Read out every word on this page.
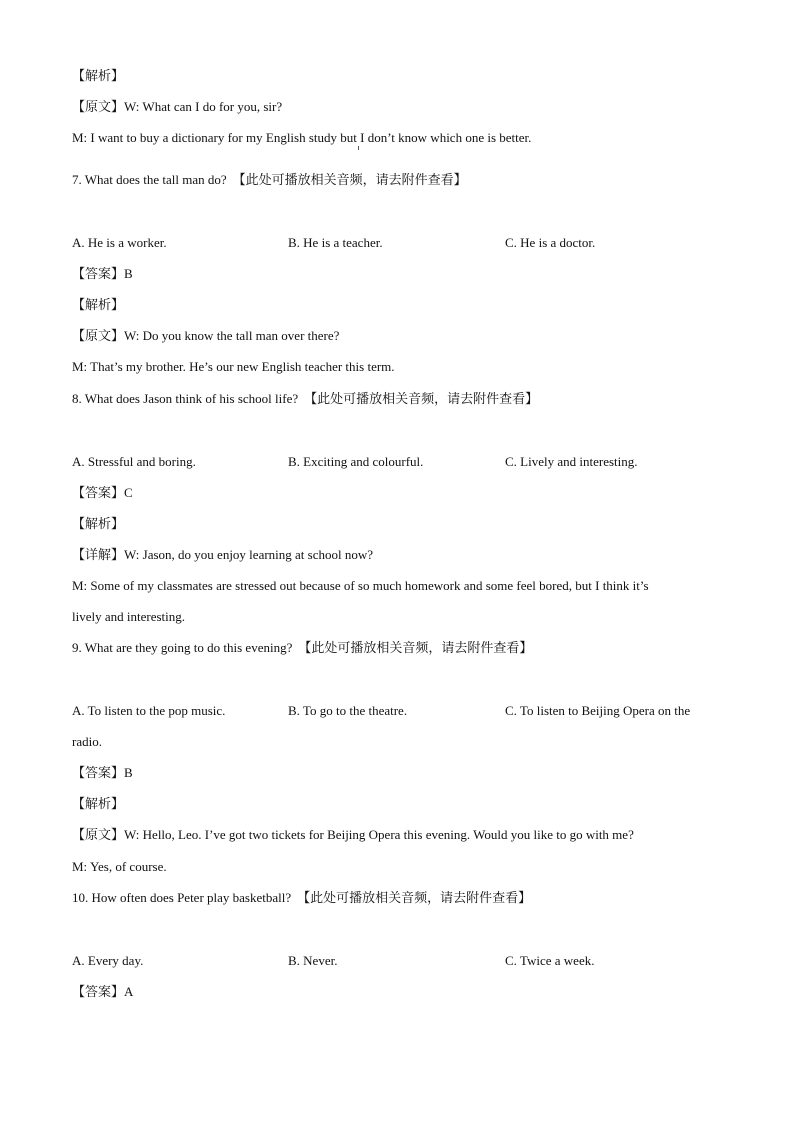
【解析】
【原文】W: What can I do for you, sir?
M: I want to buy a dictionary for my English study but I don’t know which one is better.
7. What does the tall man do? 【此处可播放相关音频，请去附件查看】
A. He is a worker.	B. He is a teacher.	C. He is a doctor.
【答案】B
【解析】
【原文】W: Do you know the tall man over there?
M: That’s my brother. He’s our new English teacher this term.
8. What does Jason think of his school life? 【此处可播放相关音频，请去附件查看】
A. Stressful and boring.	B. Exciting and colourful.	C. Lively and interesting.
【答案】C
【解析】
【详解】W: Jason, do you enjoy learning at school now?
M: Some of my classmates are stressed out because of so much homework and some feel bored, but I think it’s
lively and interesting.
9. What are they going to do this evening? 【此处可播放相关音频，请去附件查看】
A. To listen to the pop music.	B. To go to the theatre.	C. To listen to Beijing Opera on the
radio.
【答案】B
【解析】
【原文】W: Hello, Leo. I’ve got two tickets for Beijing Opera this evening. Would you like to go with me?
M: Yes, of course.
10. How often does Peter play basketball? 【此处可播放相关音频，请去附件查看】
A. Every day.	B. Never.	C. Twice a week.
【答案】A
